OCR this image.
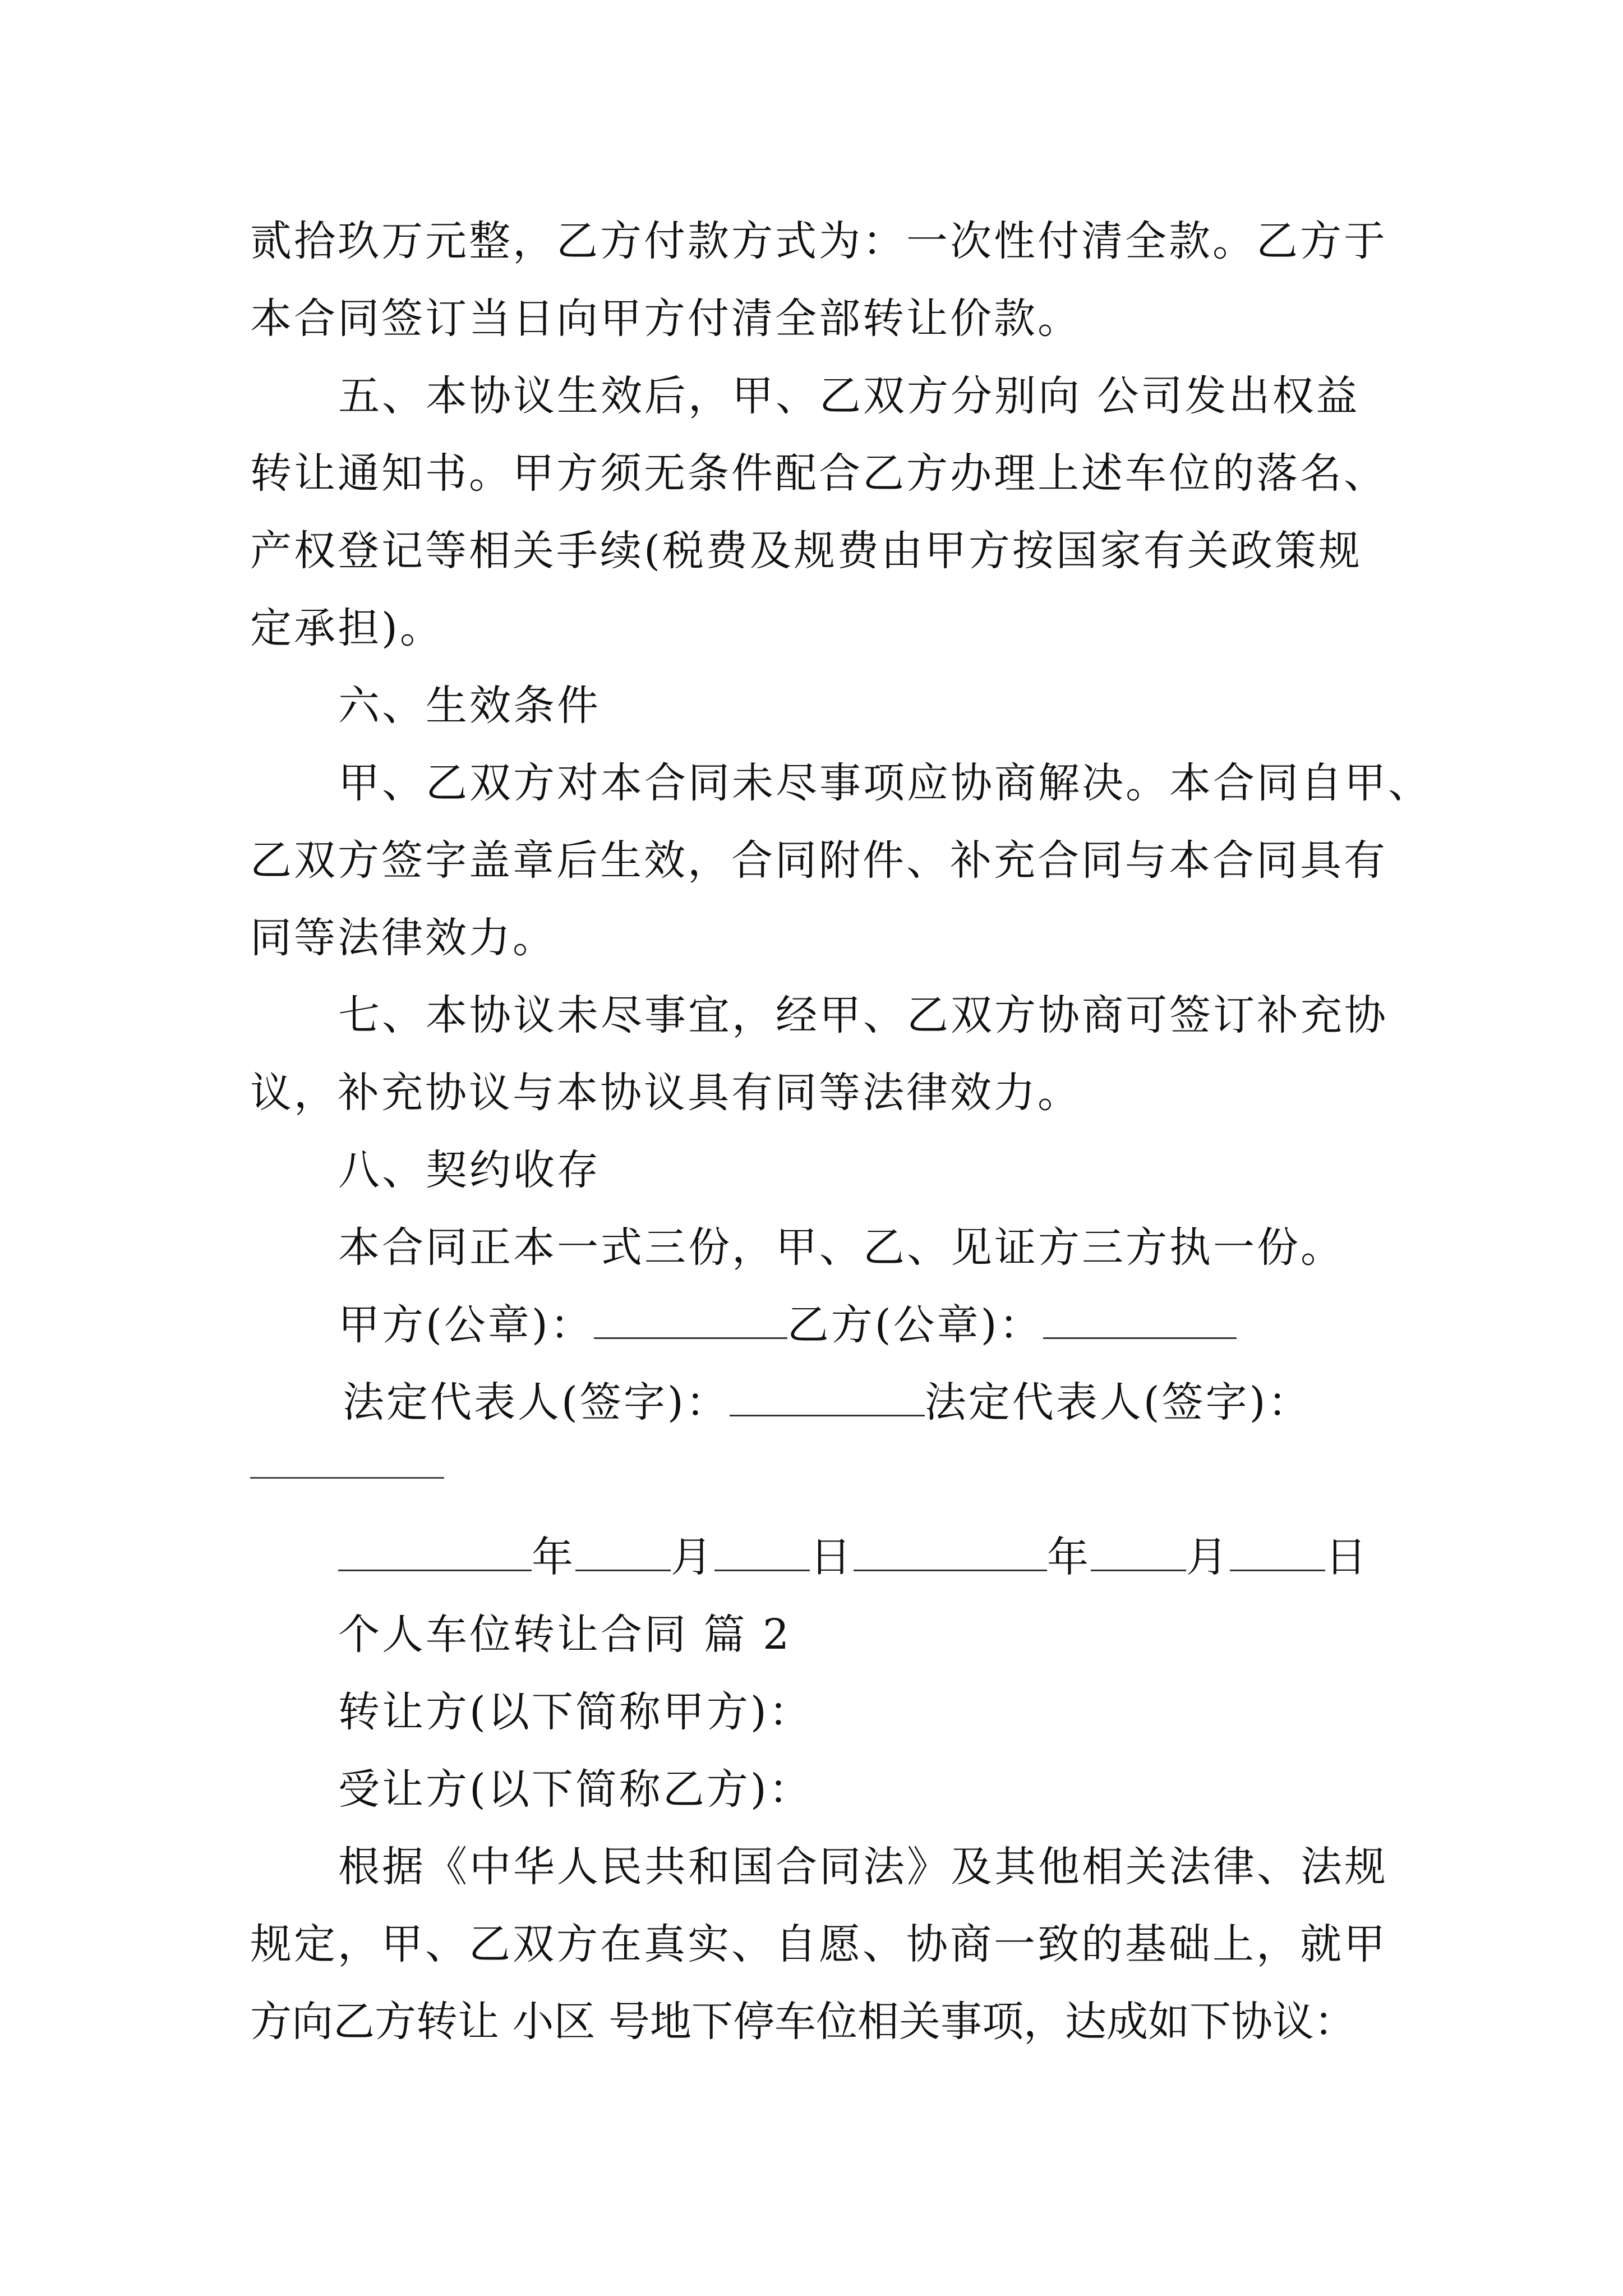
贰拾玖万元整，乙方付款方式为：一次性付清全款。乙方于
本合同签订当日向甲方付清全部转让价款。
五、本协议生效后，甲、乙双方分别向 公司发出权益
转让通知书。甲方须无条件配合乙方办理上述车位的落名、
产权登记等相关手续(税费及规费由甲方按国家有关政策规
定承担)。
六、生效条件
甲、乙双方对本合同未尽事项应协商解决。本合同自甲、
乙双方签字盖章后生效，合同附件、补充合同与本合同具有
同等法律效力。
七、本协议未尽事宜，经甲、乙双方协商可签订补充协
议，补充协议与本协议具有同等法律效力。
八、契约收存
本合同正本一式三份，甲、乙、见证方三方执一份。
甲方(公章)：	乙方(公章)：
法定代表人(签字)：	法定代表人(签字)：
年 月 日	年 月 日
个人车位转让合同 篇 2
转让方(以下简称甲方)：
受让方(以下简称乙方)：
根据《中华人民共和国合同法》及其他相关法律、法规
规定，甲、乙双方在真实、自愿、协商一致的基础上，就甲
方向乙方转让 小区 号地下停车位相关事项，达成如下协议：
